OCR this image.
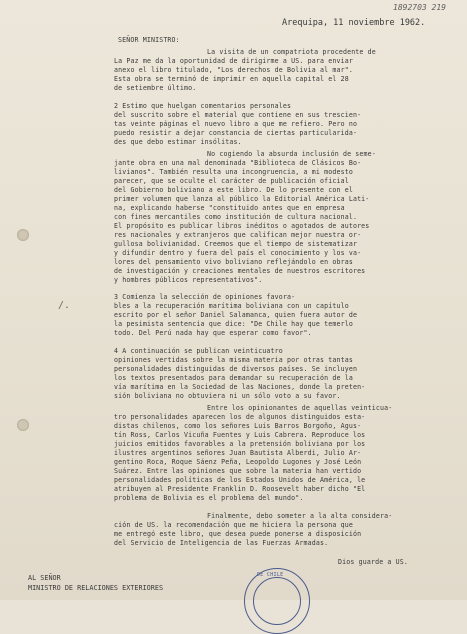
1892703 219
Arequipa, 11 noviembre 1962.
/.
SEÑOR MINISTRO:
La visita de un compatriota procedente de
La Paz me da la oportunidad de dirigirme a US. para enviar
anexo el libro titulado, "Los derechos de Bolivia al mar".
Esta obra se terminó de imprimir en aquella capital el 28
de setiembre último.
2 Estimo que huelgan comentarios personales
del suscrito sobre el material que contiene en sus trescien-
tas veinte páginas el nuevo libro a que me refiero. Pero no
puedo resistir a dejar constancia de ciertas particularida-
des que debo estimar insólitas.
No cogiendo la absurda inclusión de seme-
jante obra en una mal denominada "Biblioteca de Clásicos Bo-
livianos". También resulta una incongruencia, a mi modesto
parecer, que se oculte el carácter de publicación oficial
del Gobierno boliviano a este libro. De lo presente con el
primer volumen que lanza al público la Editorial América Lati-
na, explicando haberse "constituido antes que en empresa
con fines mercantiles como institución de cultura nacional.
El propósito es publicar libros inéditos o agotados de autores
res nacionales y extranjeros que califican mejor nuestra or-
gullosa bolivianidad. Creemos que el tiempo de sistematizar
y difundir dentro y fuera del país el conocimiento y los va-
lores del pensamiento vivo boliviano reflejándolo en obras
de investigación y creaciones mentales de nuestros escritores
y hombres públicos representativos".
3 Comienza la selección de opiniones favora-
bles a la recuperación marítima boliviana con un capítulo
escrito por el señor Daniel Salamanca, quien fuera autor de
la pesimista sentencia que dice: "De Chile hay que temerlo
todo. Del Perú nada hay que esperar como favor".
4 A continuación se publican veinticuatro
opiniones vertidas sobre la misma materia por otras tantas
personalidades distinguidas de diversos países. Se incluyen
los textos presentados para demandar su recuperación de la
vía marítima en la Sociedad de las Naciones, donde la preten-
sión boliviana no obtuviera ni un sólo voto a su favor.
Entre los opinionantes de aquellas veinticua-
tro personalidades aparecen los de algunos distinguidos esta-
distas chilenos, como los señores Luis Barros Borgoño, Agus-
tín Ross, Carlos Vicuña Fuentes y Luis Cabrera. Reproduce los
juicios emitidos favorables a la pretensión boliviana por los
ilustres argentinos señores Juan Bautista Alberdi, Julio Ar-
gentino Roca, Roque Sáenz Peña, Leopoldo Lugones y José León
Suárez. Entre las opiniones que sobre la materia han vertido
personalidades políticas de los Estados Unidos de América, le
atribuyen al Presidente Franklin D. Roosevelt haber dicho "El
problema de Bolivia es el problema del mundo".
Finalmente, debo someter a la alta considera-
ción de US. la recomendación que me hiciera la persona que
me entregó este libro, que desea puede ponerse a disposición
del Servicio de Inteligencia de las Fuerzas Armadas.
Dios guarde a US.
AL SEÑOR
MINISTRO DE RELACIONES EXTERIORES
DE CHILE
